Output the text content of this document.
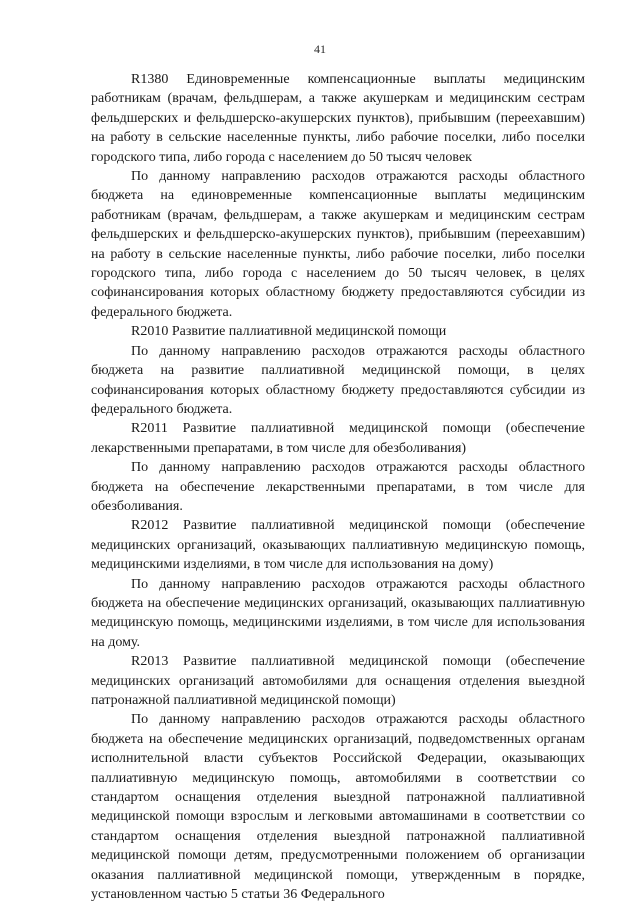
41

R1380 Единовременные компенсационные выплаты медицинским работникам (врачам, фельдшерам, а также акушеркам и медицинским сестрам фельдшерских и фельдшерско-акушерских пунктов), прибывшим (переехавшим) на работу в сельские населенные пункты, либо рабочие поселки, либо поселки городского типа, либо города с населением до 50 тысяч человек

По данному направлению расходов отражаются расходы областного бюджета на единовременные компенсационные выплаты медицинским работникам (врачам, фельдшерам, а также акушеркам и медицинским сестрам фельдшерских и фельдшерско-акушерских пунктов), прибывшим (переехавшим) на работу в сельские населенные пункты, либо рабочие поселки, либо поселки городского типа, либо города с населением до 50 тысяч человек, в целях софинансирования которых областному бюджету предоставляются субсидии из федерального бюджета.

R2010 Развитие паллиативной медицинской помощи

По данному направлению расходов отражаются расходы областного бюджета на развитие паллиативной медицинской помощи, в целях софинансирования которых областному бюджету предоставляются субсидии из федерального бюджета.

R2011 Развитие паллиативной медицинской помощи (обеспечение лекарственными препаратами, в том числе для обезболивания)

По данному направлению расходов отражаются расходы областного бюджета на обеспечение лекарственными препаратами, в том числе для обезболивания.

R2012 Развитие паллиативной медицинской помощи (обеспечение медицинских организаций, оказывающих паллиативную медицинскую помощь, медицинскими изделиями, в том числе для использования на дому)

По данному направлению расходов отражаются расходы областного бюджета на обеспечение медицинских организаций, оказывающих паллиативную медицинскую помощь, медицинскими изделиями, в том числе для использования на дому.

R2013 Развитие паллиативной медицинской помощи (обеспечение медицинских организаций автомобилями для оснащения отделения выездной патронажной паллиативной медицинской помощи)

По данному направлению расходов отражаются расходы областного бюджета на обеспечение медицинских организаций, подведомственных органам исполнительной власти субъектов Российской Федерации, оказывающих паллиативную медицинскую помощь, автомобилями в соответствии со стандартом оснащения отделения выездной патронажной паллиативной медицинской помощи взрослым и легковыми автомашинами в соответствии со стандартом оснащения отделения выездной патронажной паллиативной медицинской помощи детям, предусмотренными положением об организации оказания паллиативной медицинской помощи, утвержденным в порядке, установленном частью 5 статьи 36 Федерального
